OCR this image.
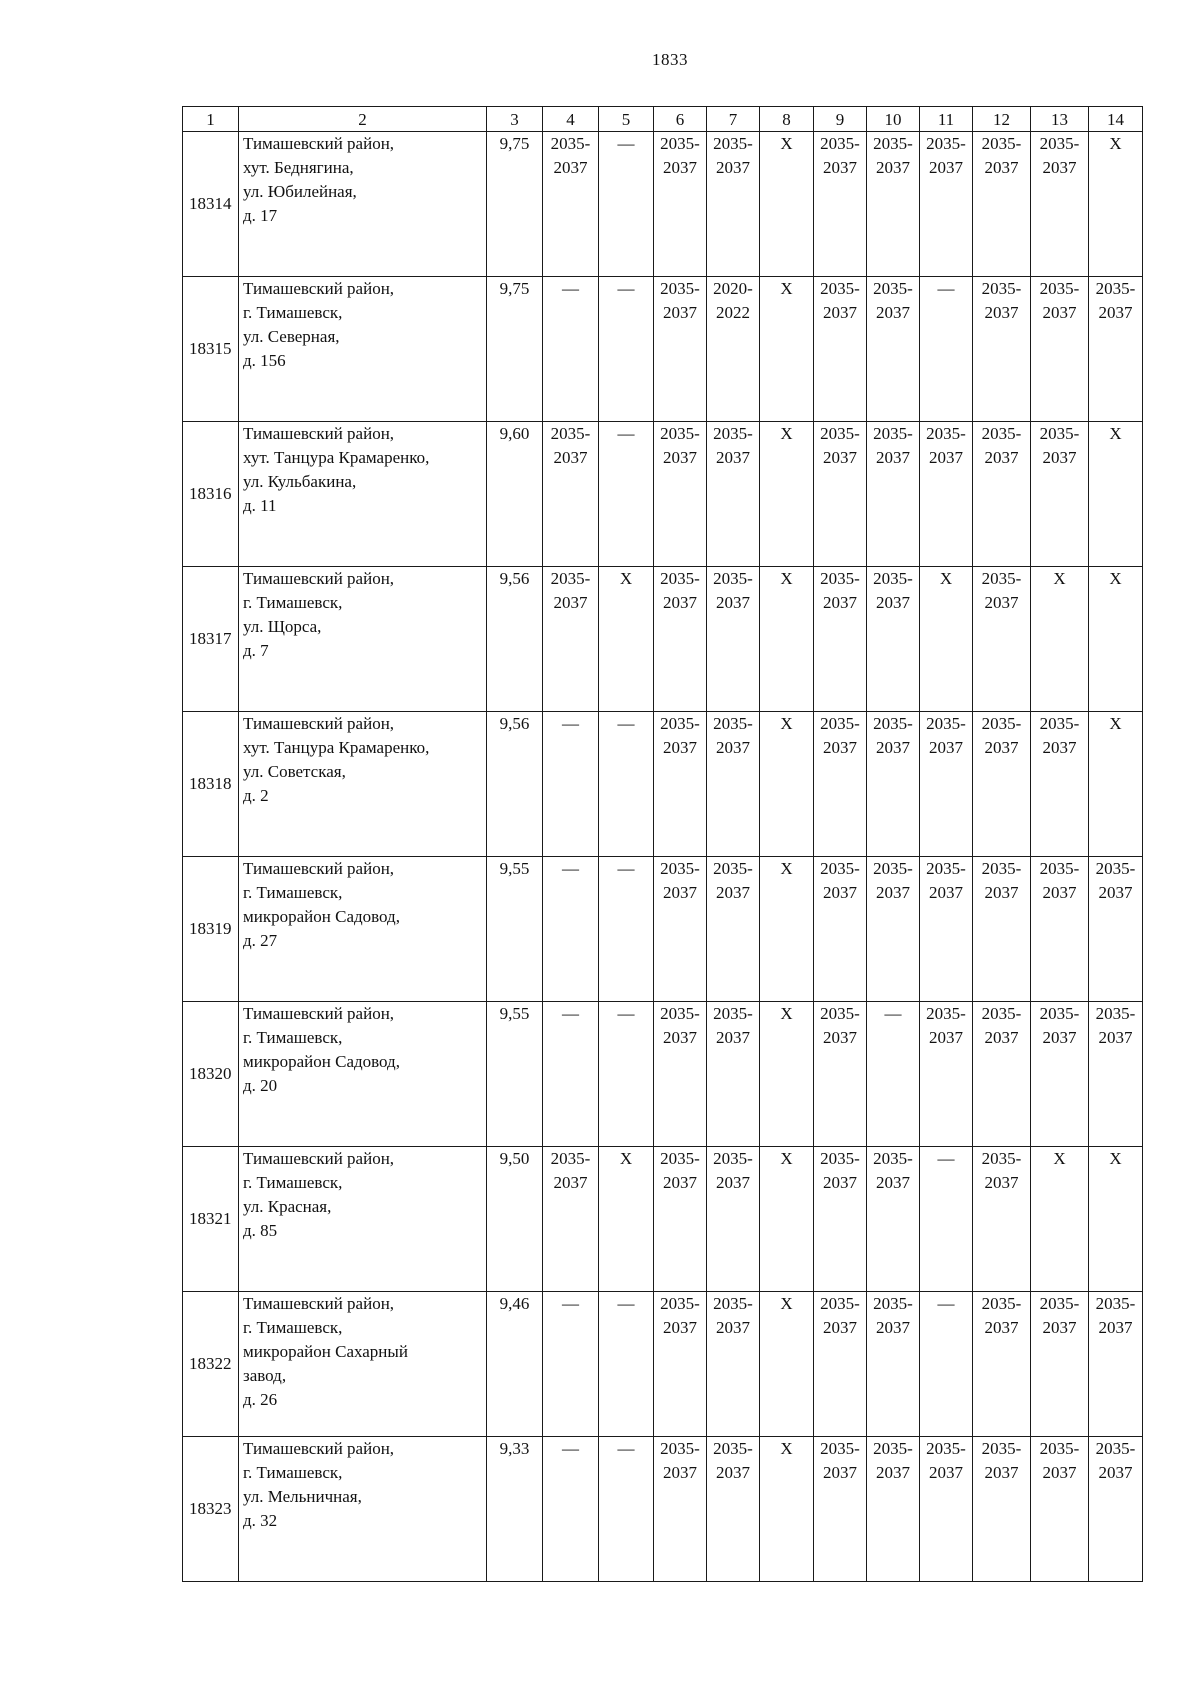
1833
1	2	3	4	5	6	7	8	9	10	11	12	13	14
18314	Тимашевский район,
хут. Беднягина,
ул. Юбилейная,
д. 17	9,75	2035-
2037	—	2035-
2037	2035-
2037	Х	2035-
2037	2035-
2037	2035-
2037	2035-
2037	2035-
2037	Х
18315	Тимашевский район,
г. Тимашевск,
ул. Северная,
д. 156	9,75	—	—	2035-
2037	2020-
2022	Х	2035-
2037	2035-
2037	—	2035-
2037	2035-
2037	2035-
2037

18316	Тимашевский район,
хут. Танцура Крамаренко,
ул. Кульбакина,
д. 11	9,60	2035-
2037	—	2035-
2037	2035-
2037	Х	2035-
2037	2035-
2037	2035-
2037	2035-
2037	2035-
2037	Х
18317	Тимашевский район,
г. Тимашевск,
ул. Щорса,
д. 7	9,56	2035-
2037	Х	2035-
2037	2035-
2037	Х	2035-
2037	2035-
2037	Х	2035-
2037	Х	Х
18318	Тимашевский район,
хут. Танцура Крамаренко,
ул. Советская,
д. 2	9,56	—	—	2035-
2037	2035-
2037	Х	2035-
2037	2035-
2037	2035-
2037	2035-
2037	2035-
2037	Х
18319	Тимашевский район,
г. Тимашевск,
микрорайон Садовод,
д. 27	9,55	—	—	2035-
2037	2035-
2037	Х	2035-
2037	2035-
2037	2035-
2037	2035-
2037	2035-
2037	2035-
2037

18320	Тимашевский район,
г. Тимашевск,
микрорайон Садовод,
д. 20	9,55	—	—	2035-
2037	2035-
2037	Х	2035-
2037	—	2035-
2037	2035-
2037	2035-
2037	2035-
2037

18321	Тимашевский район,
г. Тимашевск,
ул. Красная,
д. 85	9,50	2035-
2037	Х	2035-
2037	2035-
2037	Х	2035-
2037	2035-
2037	—	2035-
2037	Х	Х
18322	Тимашевский район,
г. Тимашевск,
микрорайон Сахарный
завод,
д. 26	9,46	—	—	2035-
2037	2035-
2037	Х	2035-
2037	2035-
2037	—	2035-
2037	2035-
2037	2035-
2037

18323	Тимашевский район,
г. Тимашевск,
ул. Мельничная,
д. 32	9,33	—	—	2035-
2037	2035-
2037	Х	2035-
2037	2035-
2037	2035-
2037	2035-
2037	2035-
2037	2035-
2037
